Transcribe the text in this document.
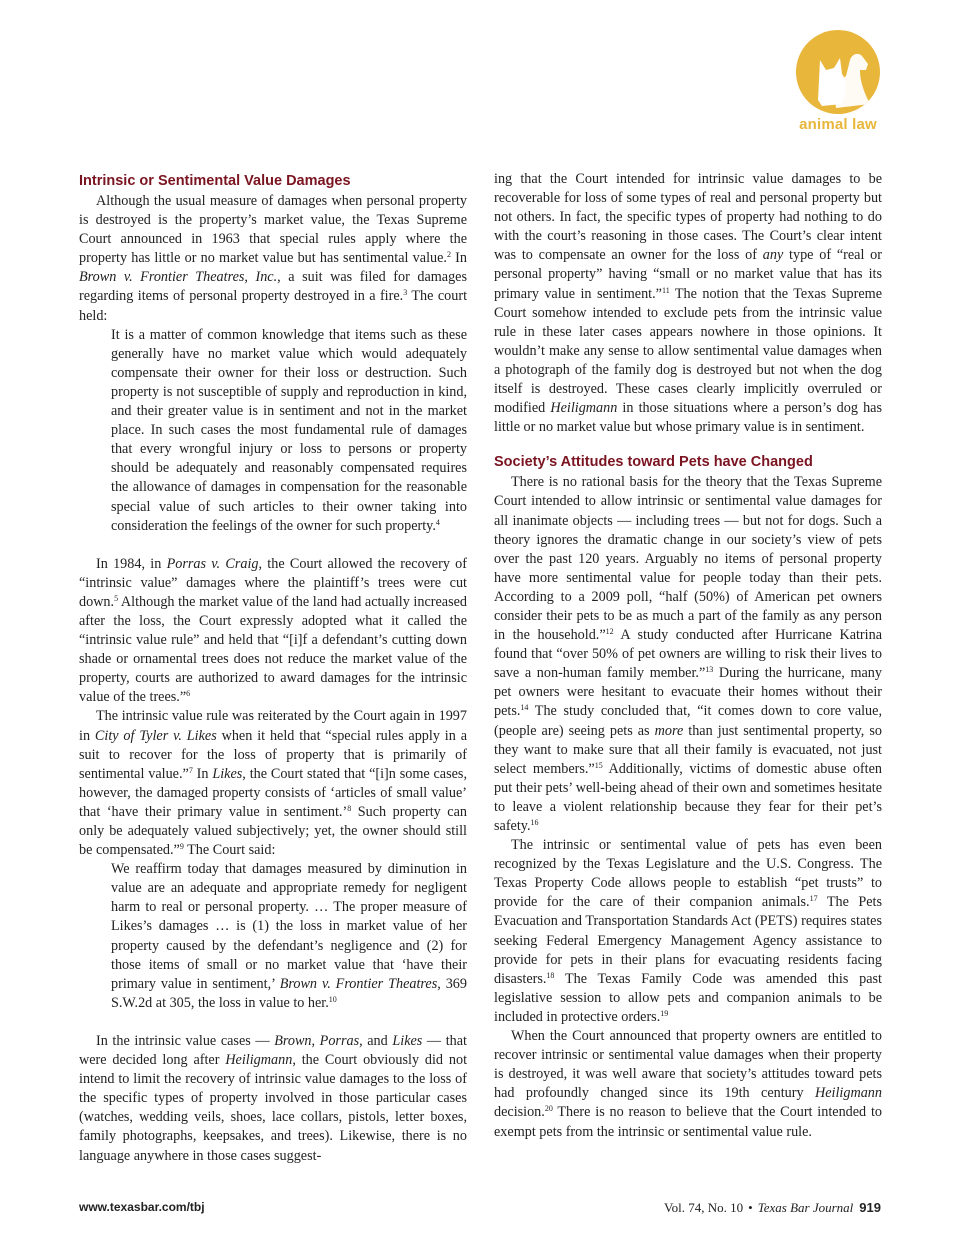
animal law
Intrinsic or Sentimental Value Damages

Although the usual measure of damages when personal property is destroyed is the property’s market value, the Texas Supreme Court announced in 1963 that special rules apply where the property has little or no market value but has sentimental value.$^2$ In Brown v. Frontier Theatres, Inc., a suit was filed for damages regarding items of personal property destroyed in a fire.$^3$ The court held:

It is a matter of common knowledge that items such as these generally have no market value which would adequately compensate their owner for their loss or destruction. Such property is not susceptible of supply and reproduction in kind, and their greater value is in sentiment and not in the market place. In such cases the most fundamental rule of damages that every wrongful injury or loss to persons or property should be adequately and reasonably compensated requires the allowance of damages in compensation for the reasonable special value of such articles to their owner taking into consideration the feelings of the owner for such property.$^4$

In 1984, in Porras v. Craig, the Court allowed the recovery of “intrinsic value” damages where the plaintiff’s trees were cut down.$^5$ Although the market value of the land had actually increased after the loss, the Court expressly adopted what it called the “intrinsic value rule” and held that “[i]f a defendant’s cutting down shade or ornamental trees does not reduce the market value of the property, courts are authorized to award damages for the intrinsic value of the trees.”$^6$

The intrinsic value rule was reiterated by the Court again in 1997 in City of Tyler v. Likes when it held that “special rules apply in a suit to recover for the loss of property that is primarily of sentimental value.”$^7$ In Likes, the Court stated that “[i]n some cases, however, the damaged property consists of ‘articles of small value’ that ‘have their primary value in sentiment.’$^8$ Such property can only be adequately valued subjectively; yet, the owner should still be compensated.”$^9$ The Court said:

We reaffirm today that damages measured by diminution in value are an adequate and appropriate remedy for negligent harm to real or personal property. … The proper measure of Likes’s damages … is (1) the loss in market value of her property caused by the defendant’s negligence and (2) for those items of small or no market value that ‘have their primary value in sentiment,’ Brown v. Frontier Theatres, 369 S.W.2d at 305, the loss in value to her.$^{10}$

In the intrinsic value cases — Brown, Porras, and Likes — that were decided long after Heiligmann, the Court obviously did not intend to limit the recovery of intrinsic value damages to the loss of the specific types of property involved in those particular cases (watches, wedding veils, shoes, lace collars, pistols, letter boxes, family photographs, keepsakes, and trees). Likewise, there is no language anywhere in those cases suggest-

ing that the Court intended for intrinsic value damages to be recoverable for loss of some types of real and personal property but not others. In fact, the specific types of property had nothing to do with the court’s reasoning in those cases. The Court’s clear intent was to compensate an owner for the loss of any type of “real or personal property” having “small or no market value that has its primary value in sentiment.”$^{11}$ The notion that the Texas Supreme Court somehow intended to exclude pets from the intrinsic value rule in these later cases appears nowhere in those opinions. It wouldn’t make any sense to allow sentimental value damages when a photograph of the family dog is destroyed but not when the dog itself is destroyed. These cases clearly implicitly overruled or modified Heiligmann in those situations where a person’s dog has little or no market value but whose primary value is in sentiment.

Society’s Attitudes toward Pets have Changed

There is no rational basis for the theory that the Texas Supreme Court intended to allow intrinsic or sentimental value damages for all inanimate objects — including trees — but not for dogs. Such a theory ignores the dramatic change in our society’s view of pets over the past 120 years. Arguably no items of personal property have more sentimental value for people today than their pets. According to a 2009 poll, “half (50%) of American pet owners consider their pets to be as much a part of the family as any person in the household.”$^{12}$ A study conducted after Hurricane Katrina found that “over 50% of pet owners are willing to risk their lives to save a non-human family member.”$^{13}$ During the hurricane, many pet owners were hesitant to evacuate their homes without their pets.$^{14}$ The study concluded that, “it comes down to core value, (people are) seeing pets as more than just sentimental property, so they want to make sure that all their family is evacuated, not just select members.”$^{15}$ Additionally, victims of domestic abuse often put their pets’ well-being ahead of their own and sometimes hesitate to leave a violent relationship because they fear for their pet’s safety.$^{16}$

The intrinsic or sentimental value of pets has even been recognized by the Texas Legislature and the U.S. Congress. The Texas Property Code allows people to establish “pet trusts” to provide for the care of their companion animals.$^{17}$ The Pets Evacuation and Transportation Standards Act (PETS) requires states seeking Federal Emergency Management Agency assistance to provide for pets in their plans for evacuating residents facing disasters.$^{18}$ The Texas Family Code was amended this past legislative session to allow pets and companion animals to be included in protective orders.$^{19}$

When the Court announced that property owners are entitled to recover intrinsic or sentimental value damages when their property is destroyed, it was well aware that society’s attitudes toward pets had profoundly changed since its 19th century Heiligmann decision.$^{20}$ There is no reason to believe that the Court intended to exempt pets from the intrinsic or sentimental value rule.

www.texasbar.com/tbj	Vol. 74, No. 10 • Texas Bar Journal 919
